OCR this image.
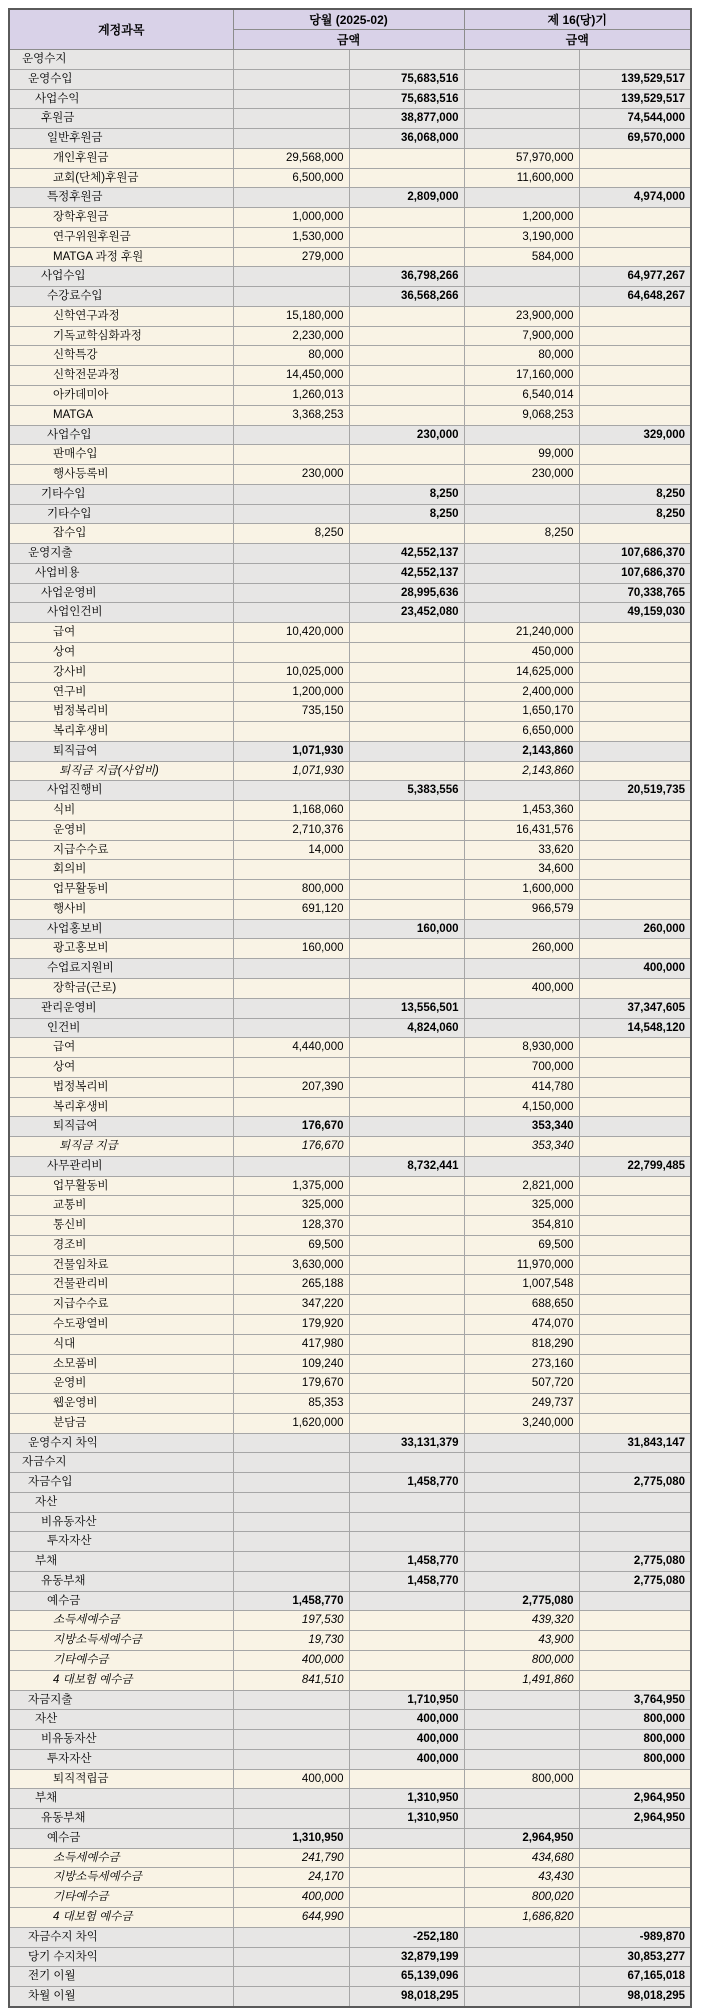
계정과목	당월 (2025-02)		제 16(당)기	
	금액		금액	
운영수지				
운영수입		75,683,516		139,529,517
사업수익		75,683,516		139,529,517
후원금		38,877,000		74,544,000
일반후원금		36,068,000		69,570,000
개인후원금	29,568,000		57,970,000	
교회(단체)후원금	6,500,000		11,600,000	
특정후원금		2,809,000		4,974,000
장학후원금	1,000,000		1,200,000	
연구위원후원금	1,530,000		3,190,000	
MATGA 과정 후원	279,000		584,000	
사업수입		36,798,266		64,977,267
수강료수입		36,568,266		64,648,267
신학연구과정	15,180,000		23,900,000	
기독교학심화과정	2,230,000		7,900,000	
신학특강	80,000		80,000	
신학전문과정	14,450,000		17,160,000	
아카데미아	1,260,013		6,540,014	
MATGA	3,368,253		9,068,253	
사업수입		230,000		329,000
판매수입			99,000	
행사등록비	230,000		230,000	
기타수입		8,250		8,250
기타수입		8,250		8,250
잡수입	8,250		8,250	
운영지출		42,552,137		107,686,370
사업비용		42,552,137		107,686,370
사업운영비		28,995,636		70,338,765
사업인건비		23,452,080		49,159,030
급여	10,420,000		21,240,000	
상여			450,000	
강사비	10,025,000		14,625,000	
연구비	1,200,000		2,400,000	
법정복리비	735,150		1,650,170	
복리후생비			6,650,000	
퇴직급여	1,071,930		2,143,860	
퇴직금 지급(사업비)	1,071,930		2,143,860	
사업진행비		5,383,556		20,519,735
식비	1,168,060		1,453,360	
운영비	2,710,376		16,431,576	
지급수수료	14,000		33,620	
회의비			34,600	
업무활동비	800,000		1,600,000	
행사비	691,120		966,579	
사업홍보비		160,000		260,000
광고홍보비	160,000		260,000	
수업료지원비				400,000
장학금(근로)			400,000	
관리운영비		13,556,501		37,347,605
인건비		4,824,060		14,548,120
급여	4,440,000		8,930,000	
상여			700,000	
법정복리비	207,390		414,780	
복리후생비			4,150,000	
퇴직급여	176,670		353,340	
퇴직금 지급	176,670		353,340	
사무관리비		8,732,441		22,799,485
업무활동비	1,375,000		2,821,000	
교통비	325,000		325,000	
통신비	128,370		354,810	
경조비	69,500		69,500	
건물임차료	3,630,000		11,970,000	
건물관리비	265,188		1,007,548	
지급수수료	347,220		688,650	
수도광열비	179,920		474,070	
식대	417,980		818,290	
소모품비	109,240		273,160	
운영비	179,670		507,720	
웹운영비	85,353		249,737	
분담금	1,620,000		3,240,000	
운영수지 차익		33,131,379		31,843,147
자금수지				
자금수입		1,458,770		2,775,080
자산				
비유동자산				
투자자산				
부채		1,458,770		2,775,080
유동부채		1,458,770		2,775,080
예수금	1,458,770		2,775,080	
소득세예수금	197,530		439,320	
지방소득세예수금	19,730		43,900	
기타예수금	400,000		800,000	
4 대보험 예수금	841,510		1,491,860	
자금지출		1,710,950		3,764,950
자산		400,000		800,000
비유동자산		400,000		800,000
투자자산		400,000		800,000
퇴직적립금	400,000		800,000	
부채		1,310,950		2,964,950
유동부채		1,310,950		2,964,950
예수금	1,310,950		2,964,950	
소득세예수금	241,790		434,680	
지방소득세예수금	24,170		43,430	
기타예수금	400,000		800,020	
4 대보험 예수금	644,990		1,686,820	
자금수지 차익		-252,180		-989,870
당기 수지차익		32,879,199		30,853,277
전기 이월		65,139,096		67,165,018
차월 이월		98,018,295		98,018,295
